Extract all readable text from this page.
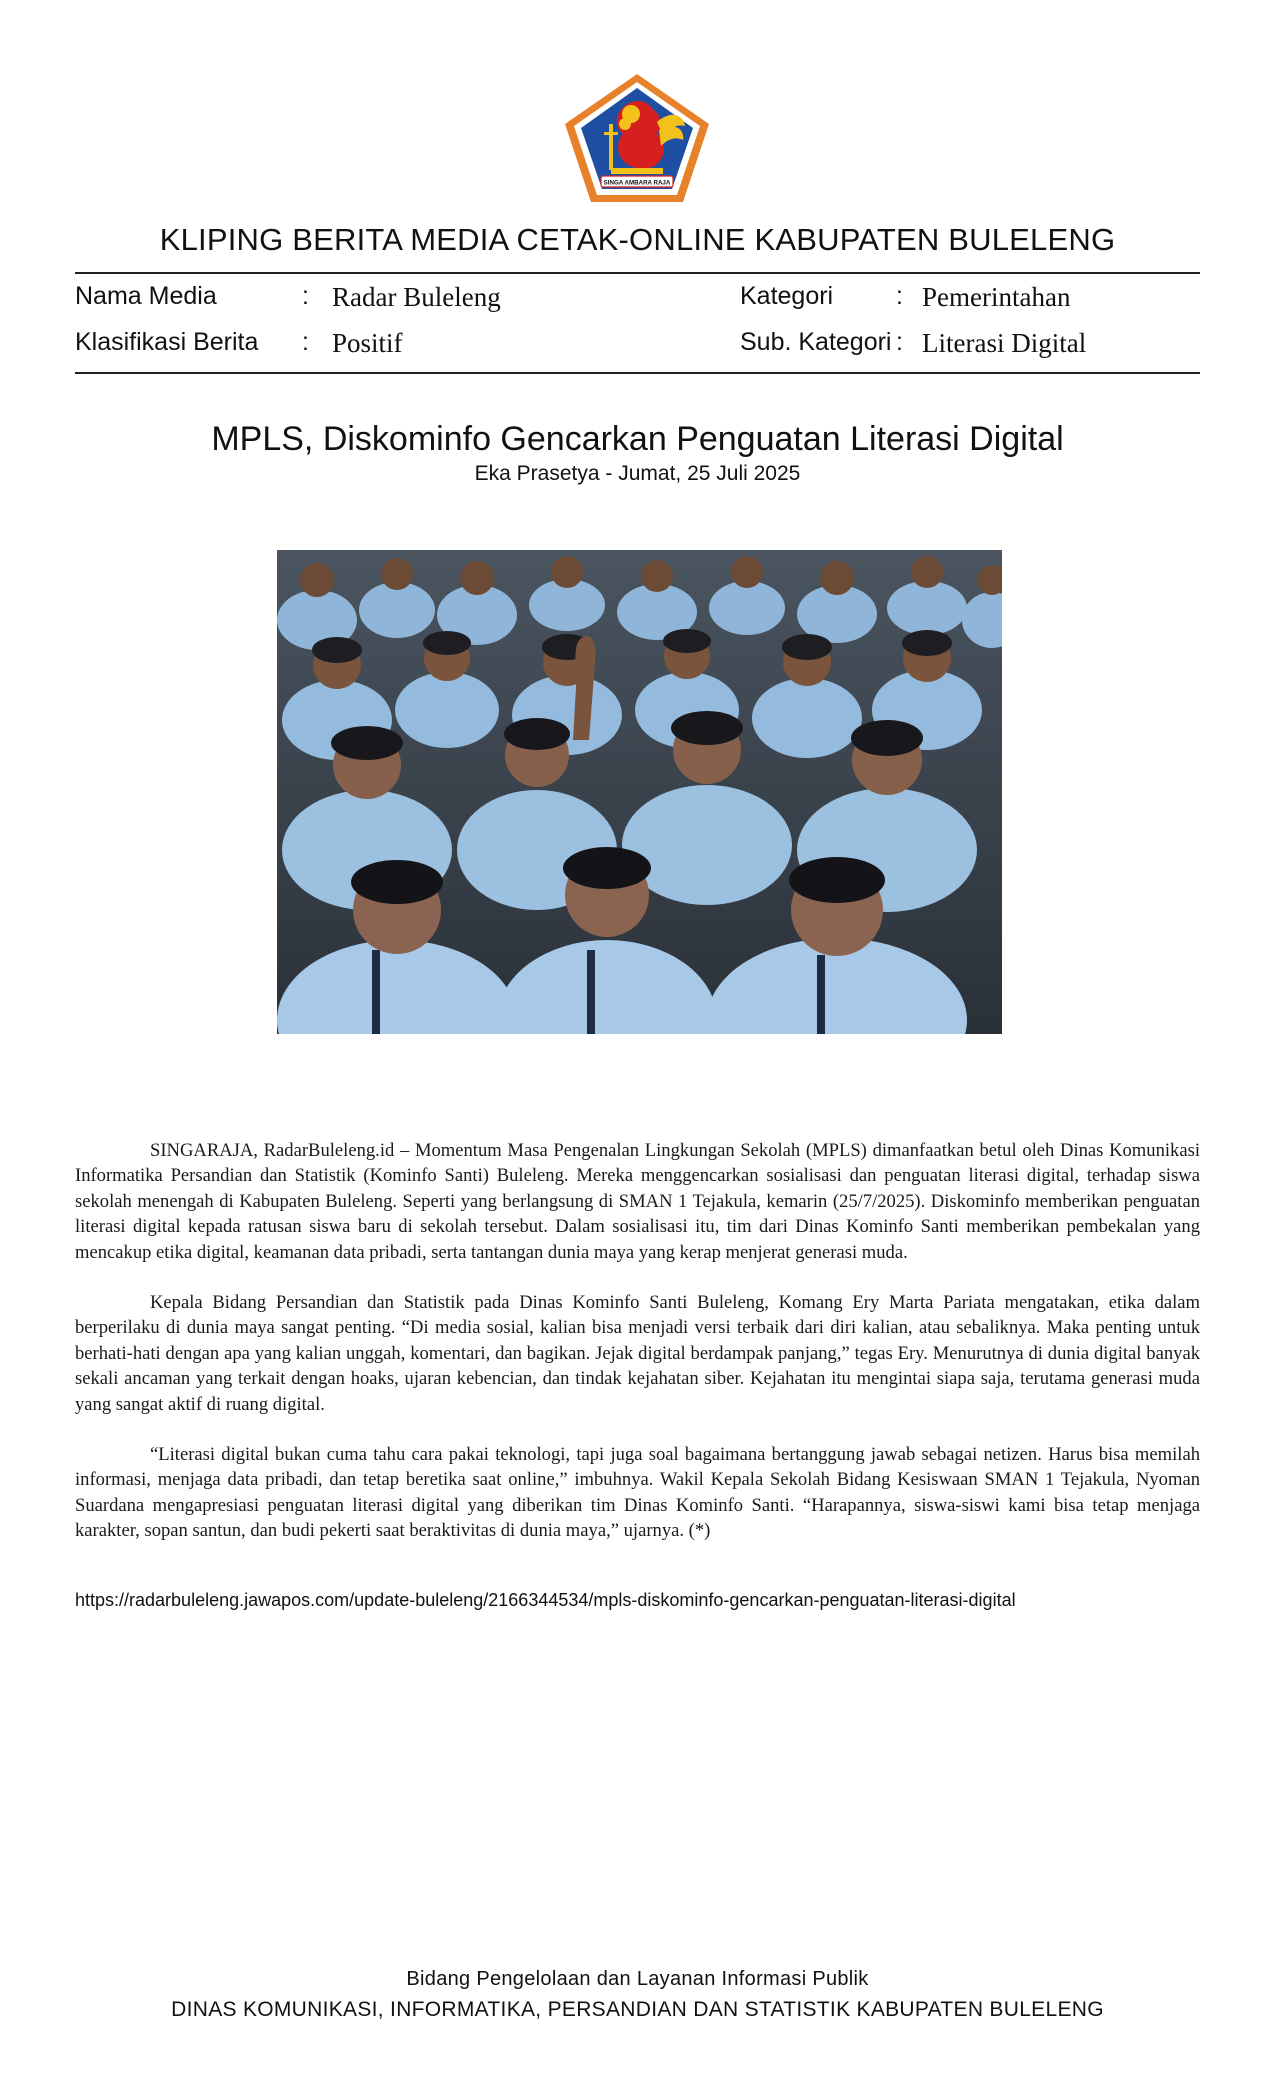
SINGA AMBARA RAJA
KLIPING BERITA MEDIA CETAK-ONLINE KABUPATEN BULELENG
Nama Media	: Radar Buleleng	Kategori	: Pemerintahan
Klasifikasi Berita : Positif	Sub. Kategori : Literasi Digital
MPLS, Diskominfo Gencarkan Penguatan Literasi Digital
Eka Prasetya - Jumat, 25 Juli 2025

SINGARAJA, RadarBuleleng.id – Momentum Masa Pengenalan Lingkungan Sekolah (MPLS) dimanfaatkan betul oleh Dinas Komunikasi Informatika Persandian dan Statistik (Kominfo Santi) Buleleng. Mereka menggencarkan sosialisasi dan penguatan literasi digital, terhadap siswa sekolah menengah di Kabupaten Buleleng. Seperti yang berlangsung di SMAN 1 Tejakula, kemarin (25/7/2025). Diskominfo memberikan penguatan literasi digital kepada ratusan siswa baru di sekolah tersebut. Dalam sosialisasi itu, tim dari Dinas Kominfo Santi memberikan pembekalan yang mencakup etika digital, keamanan data pribadi, serta tantangan dunia maya yang kerap menjerat generasi muda.

Kepala Bidang Persandian dan Statistik pada Dinas Kominfo Santi Buleleng, Komang Ery Marta Pariata mengatakan, etika dalam berperilaku di dunia maya sangat penting. “Di media sosial, kalian bisa menjadi versi terbaik dari diri kalian, atau sebaliknya. Maka penting untuk berhati-hati dengan apa yang kalian unggah, komentari, dan bagikan. Jejak digital berdampak panjang,” tegas Ery. Menurutnya di dunia digital banyak sekali ancaman yang terkait dengan hoaks, ujaran kebencian, dan tindak kejahatan siber. Kejahatan itu mengintai siapa saja, terutama generasi muda yang sangat aktif di ruang digital.

“Literasi digital bukan cuma tahu cara pakai teknologi, tapi juga soal bagaimana bertanggung jawab sebagai netizen. Harus bisa memilah informasi, menjaga data pribadi, dan tetap beretika saat online,” imbuhnya. Wakil Kepala Sekolah Bidang Kesiswaan SMAN 1 Tejakula, Nyoman Suardana mengapresiasi penguatan literasi digital yang diberikan tim Dinas Kominfo Santi. “Harapannya, siswa-siswi kami bisa tetap menjaga karakter, sopan santun, dan budi pekerti saat beraktivitas di dunia maya,” ujarnya. (*)

https://radarbuleleng.jawapos.com/update-buleleng/2166344534/mpls-diskominfo-gencarkan-penguatan-literasi-digital
Bidang Pengelolaan dan Layanan Informasi Publik
DINAS KOMUNIKASI, INFORMATIKA, PERSANDIAN DAN STATISTIK KABUPATEN BULELENG
